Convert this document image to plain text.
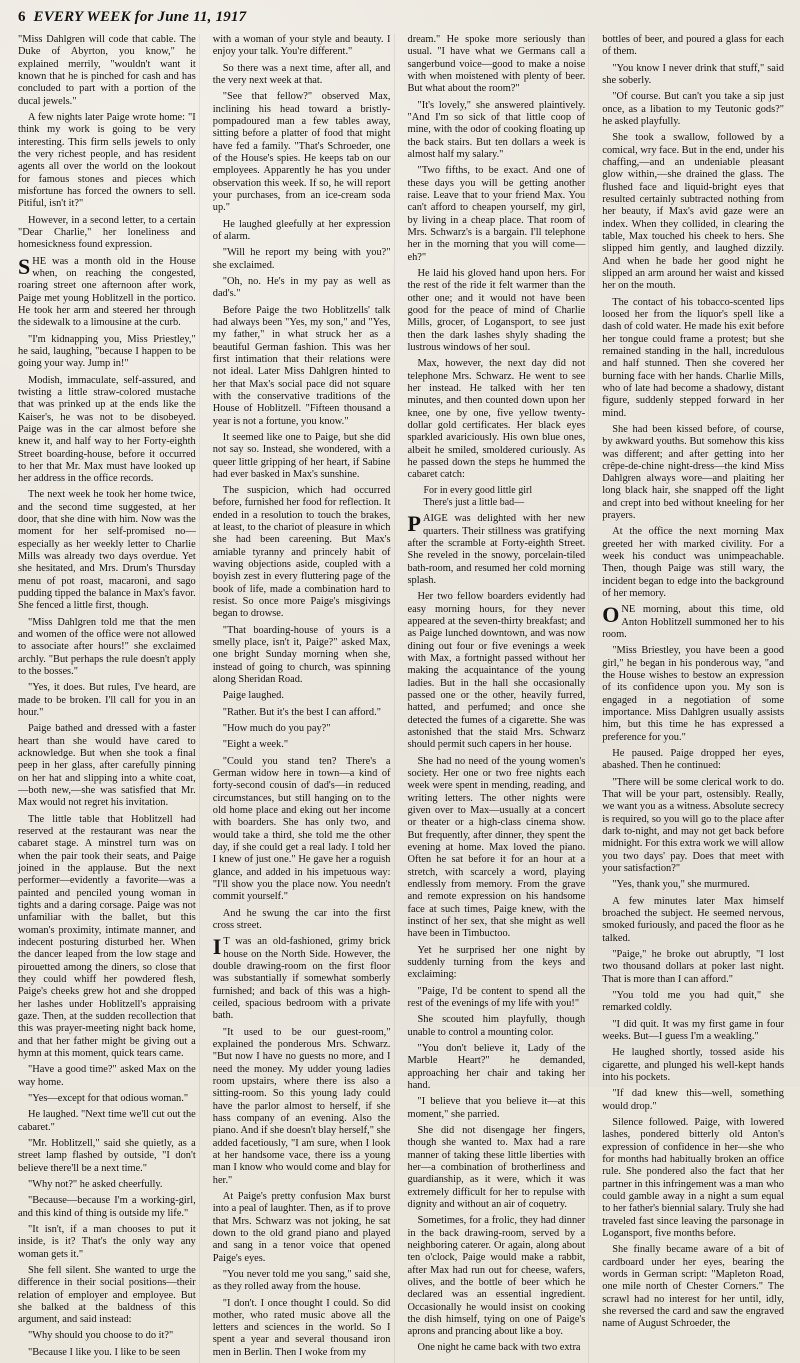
6 EVERY WEEK for June 11, 1917

"Miss Dahlgren will code that cable. The Duke of Abyrton, you know," he explained merrily, "wouldn't want it known that he is pinched for cash and has concluded to part with a portion of the ducal jewels."

A few nights later Paige wrote home: "I think my work is going to be very interesting. This firm sells jewels to only the very richest people, and has resident agents all over the world on the lookout for famous stones and pieces which misfortune has forced the owners to sell. Pitiful, isn't it?"

However, in a second letter, to a certain "Dear Charlie," her loneliness and homesickness found expression.

SHE was a month old in the House when, on reaching the congested, roaring street one afternoon after work, Paige met young Hoblitzell in the portico. He took her arm and steered her through the sidewalk to a limousine at the curb.

"I'm kidnapping you, Miss Priestley," he said, laughing, "because I happen to be going your way. Jump in!"

Modish, immaculate, self-assured, and twisting a little straw-colored mustache that was prinked up at the ends like the Kaiser's, he was not to be disobeyed. Paige was in the car almost before she knew it, and half way to her Forty-eighth Street boarding-house, before it occurred to her that Mr. Max must have looked up her address in the office records.

The next week he took her home twice, and the second time suggested, at her door, that she dine with him. Now was the moment for her self-promised no—especially as her weekly letter to Charlie Mills was already two days overdue. Yet she hesitated, and Mrs. Drum's Thursday menu of pot roast, macaroni, and sago pudding tipped the balance in Max's favor. She fenced a little first, though.

"Miss Dahlgren told me that the men and women of the office were not allowed to associate after hours!" she exclaimed archly. "But perhaps the rule doesn't apply to the bosses."

"Yes, it does. But rules, I've heard, are made to be broken. I'll call for you in an hour."

Paige bathed and dressed with a faster heart than she would have cared to acknowledge. But when she took a final peep in her glass, after carefully pinning on her hat and slipping into a white coat, —both new,—she was satisfied that Mr. Max would not regret his invitation.

The little table that Hoblitzell had reserved at the restaurant was near the cabaret stage. A minstrel turn was on when the pair took their seats, and Paige joined in the applause. But the next performer—evidently a favorite—was a painted and penciled young woman in tights and a daring corsage. Paige was not unfamiliar with the ballet, but this woman's proximity, intimate manner, and indecent posturing disturbed her. When the dancer leaped from the low stage and pirouetted among the diners, so close that they could whiff her powdered flesh, Paige's cheeks grew hot and she dropped her lashes under Hoblitzell's appraising gaze. Then, at the sudden recollection that this was prayer-meeting night back home, and that her father might be giving out a hymn at this moment, quick tears came.

"Have a good time?" asked Max on the way home.

"Yes—except for that odious woman."

He laughed. "Next time we'll cut out the cabaret."

"Mr. Hoblitzell," said she quietly, as a street lamp flashed by outside, "I don't believe there'll be a next time."

"Why not?" he asked cheerfully.

"Because—because I'm a working-girl, and this kind of thing is outside my life."

"It isn't, if a man chooses to put it inside, is it? That's the only way any woman gets it."

She fell silent. She wanted to urge the difference in their social positions—their relation of employer and employee. But she balked at the baldness of this argument, and said instead:

"Why should you choose to do it?"

"Because I like you. I like to be seen

with a woman of your style and beauty. I enjoy your talk. You're different."

So there was a next time, after all, and the very next week at that.

"See that fellow?" observed Max, inclining his head toward a bristly-pompadoured man a few tables away, sitting before a platter of food that might have fed a family. "That's Schroeder, one of the House's spies. He keeps tab on our employees. Apparently he has you under observation this week. If so, he will report your purchases, from an ice-cream soda up."

He laughed gleefully at her expression of alarm.

"Will he report my being with you?" she exclaimed.

"Oh, no. He's in my pay as well as dad's."

Before Paige the two Hoblitzells' talk had always been "Yes, my son," and "Yes, my father," in what struck her as a beautiful German fashion. This was her first intimation that their relations were not ideal. Later Miss Dahlgren hinted to her that Max's social pace did not square with the conservative traditions of the House of Hoblitzell. "Fifteen thousand a year is not a fortune, you know."

It seemed like one to Paige, but she did not say so. Instead, she wondered, with a queer little gripping of her heart, if Sabine had ever basked in Max's sunshine.

The suspicion, which had occurred before, furnished her food for reflection. It ended in a resolution to touch the brakes, at least, to the chariot of pleasure in which she had been careening. But Max's amiable tyranny and princely habit of waving objections aside, coupled with a boyish zest in every fluttering page of the book of life, made a combination hard to resist. So once more Paige's misgivings began to drowse.

"That boarding-house of yours is a smelly place, isn't it, Paige?" asked Max, one bright Sunday morning when she, instead of going to church, was spinning along Sheridan Road.

Paige laughed.

"Rather. But it's the best I can afford."

"How much do you pay?"

"Eight a week."

"Could you stand ten? There's a German widow here in town—a kind of forty-second cousin of dad's—in reduced circumstances, but still hanging on to the old home place and eking out her income with boarders. She has only two, and would take a third, she told me the other day, if she could get a real lady. I told her I knew of just one." He gave her a roguish glance, and added in his impetuous way: "I'll show you the place now. You needn't commit yourself."

And he swung the car into the first cross street.

IT was an old-fashioned, grimy brick house on the North Side. However, the double drawing-room on the first floor was substantially if somewhat somberly furnished; and back of this was a high-ceiled, spacious bedroom with a private bath.

"It used to be our guest-room," explained the ponderous Mrs. Schwarz. "But now I have no guests no more, and I need the money. My udder young ladies room upstairs, where there iss also a sitting-room. So this young lady could have the parlor almost to herself, if she hass company of an evening. Also the piano. And if she doesn't blay herself," she added facetiously, "I am sure, when I look at her handsome vace, there iss a young man I know who would come and blay for her."

At Paige's pretty confusion Max burst into a peal of laughter. Then, as if to prove that Mrs. Schwarz was not joking, he sat down to the old grand piano and played and sang in a tenor voice that opened Paige's eyes.

"You never told me you sang," said she, as they rolled away from the house.

"I don't. I once thought I could. So did mother, who rated music above all the letters and sciences in the world. So I spent a year and several thousand iron men in Berlin. Then I woke from my

dream." He spoke more seriously than usual. "I have what we Germans call a sangerbund voice—good to make a noise with when moistened with plenty of beer. But what about the room?"

"It's lovely," she answered plaintively. "And I'm so sick of that little coop of mine, with the odor of cooking floating up the back stairs. But ten dollars a week is almost half my salary."

"Two fifths, to be exact. And one of these days you will be getting another raise. Leave that to your friend Max. You can't afford to cheapen yourself, my girl, by living in a cheap place. That room of Mrs. Schwarz's is a bargain. I'll telephone her in the morning that you will come—eh?"

He laid his gloved hand upon hers. For the rest of the ride it felt warmer than the other one; and it would not have been good for the peace of mind of Charlie Mills, grocer, of Logansport, to see just then the dark lashes shyly shading the lustrous windows of her soul.

Max, however, the next day did not telephone Mrs. Schwarz. He went to see her instead. He talked with her ten minutes, and then counted down upon her knee, one by one, five yellow twenty-dollar gold certificates. Her black eyes sparkled avariciously. His own blue ones, albeit he smiled, smoldered curiously. As he passed down the steps he hummed the cabaret catch:

For in every good little girl
There's just a little bad—

PAIGE was delighted with her new quarters. Their stillness was gratifying after the scramble at Forty-eighth Street. She reveled in the snowy, porcelain-tiled bath-room, and resumed her cold morning splash.

Her two fellow boarders evidently had easy morning hours, for they never appeared at the seven-thirty breakfast; and as Paige lunched downtown, and was now dining out four or five evenings a week with Max, a fortnight passed without her making the acquaintance of the young ladies. But in the hall she occasionally passed one or the other, heavily furred, hatted, and perfumed; and once she detected the fumes of a cigarette. She was astonished that the staid Mrs. Schwarz should permit such capers in her house.

She had no need of the young women's society. Her one or two free nights each week were spent in mending, reading, and writing letters. The other nights were given over to Max—usually at a concert or theater or a high-class cinema show. But frequently, after dinner, they spent the evening at home. Max loved the piano. Often he sat before it for an hour at a stretch, with scarcely a word, playing endlessly from memory. From the grave and remote expression on his handsome face at such times, Paige knew, with the instinct of her sex, that she might as well have been in Timbuctoo.

Yet he surprised her one night by suddenly turning from the keys and exclaiming:

"Paige, I'd be content to spend all the rest of the evenings of my life with you!"

She scouted him playfully, though unable to control a mounting color.

"You don't believe it, Lady of the Marble Heart?" he demanded, approaching her chair and taking her hand.

"I believe that you believe it—at this moment," she parried.

She did not disengage her fingers, though she wanted to. Max had a rare manner of taking these little liberties with her—a combination of brotherliness and guardianship, as it were, which it was extremely difficult for her to repulse with dignity and without an air of coquetry.

Sometimes, for a frolic, they had dinner in the back drawing-room, served by a neighboring caterer. Or again, along about ten o'clock, Paige would make a rabbit, after Max had run out for cheese, wafers, olives, and the bottle of beer which he declared was an essential ingredient. Occasionally he would insist on cooking the dish himself, tying on one of Paige's aprons and prancing about like a boy.

One night he came back with two extra

bottles of beer, and poured a glass for each of them.

"You know I never drink that stuff," said she soberly.

"Of course. But can't you take a sip just once, as a libation to my Teutonic gods?" he asked playfully.

She took a swallow, followed by a comical, wry face. But in the end, under his chaffing,—and an undeniable pleasant glow within,—she drained the glass. The flushed face and liquid-bright eyes that resulted certainly subtracted nothing from her beauty, if Max's avid gaze were an index. When they collided, in clearing the table, Max touched his cheek to hers. She slipped him gently, and laughed dizzily. And when he bade her good night he slipped an arm around her waist and kissed her on the mouth.

The contact of his tobacco-scented lips loosed her from the liquor's spell like a dash of cold water. He made his exit before her tongue could frame a protest; but she remained standing in the hall, incredulous and half stunned. Then she covered her burning face with her hands. Charlie Mills, who of late had become a shadowy, distant figure, suddenly stepped forward in her mind.

She had been kissed before, of course, by awkward youths. But somehow this kiss was different; and after getting into her crêpe-de-chine night-dress—the kind Miss Dahlgren always wore—and plaiting her long black hair, she snapped off the light and crept into bed without kneeling for her prayers.

At the office the next morning Max greeted her with marked civility. For a week his conduct was unimpeachable. Then, though Paige was still wary, the incident began to edge into the background of her memory.

ONE morning, about this time, old Anton Hoblitzell summoned her to his room.

"Miss Briestley, you have been a good girl," he began in his ponderous way, "and the House wishes to bestow an expression of its confidence upon you. My son is engaged in a negotiation of some importance. Miss Dahlgren usually assists him, but this time he has expressed a preference for you."

He paused. Paige dropped her eyes, abashed. Then he continued:

"There will be some clerical work to do. That will be your part, ostensibly. Really, we want you as a witness. Absolute secrecy is required, so you will go to the place after dark to-night, and may not get back before midnight. For this extra work we will allow you two days' pay. Does that meet with your satisfaction?"

"Yes, thank you," she murmured.

A few minutes later Max himself broached the subject. He seemed nervous, smoked furiously, and paced the floor as he talked.

"Paige," he broke out abruptly, "I lost two thousand dollars at poker last night. That is more than I can afford."

"You told me you had quit," she remarked coldly.

"I did quit. It was my first game in four weeks. But—I guess I'm a weakling."

He laughed shortly, tossed aside his cigarette, and plunged his well-kept hands into his pockets.

"If dad knew this—well, something would drop."

Silence followed. Paige, with lowered lashes, pondered bitterly old Anton's expression of confidence in her—she who for months had habitually broken an office rule. She pondered also the fact that her partner in this infringement was a man who could gamble away in a night a sum equal to her father's biennial salary. Truly she had traveled fast since leaving the parsonage in Logansport, five months before.

She finally became aware of a bit of cardboard under her eyes, bearing the words in German script: "Mapleton Road, one mile north of Chester Corners." The scrawl had no interest for her until, idly, she reversed the card and saw the engraved name of August Schroeder, the
